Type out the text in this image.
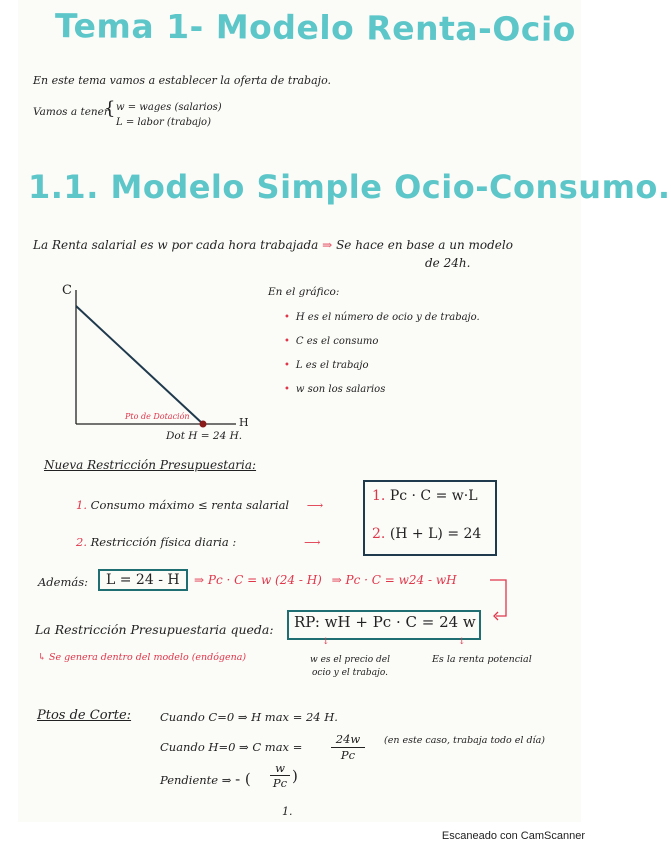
Tema 1- Modelo Renta-Ocio
En este tema vamos a establecer la oferta de trabajo.
Vamos a tener
{ w = wages (salarios)
L = labor (trabajo)
1.1. Modelo Simple Ocio-Consumo.
La Renta salarial es w por cada hora trabajada ⇒ Se hace en base a un modelo
de 24h.
C
H
Pto de Dotación
Dot H = 24 H.
En el gráfico:
• H es el número de ocio y de trabajo.
• C es el consumo
• L es el trabajo
• w son los salarios
Nueva Restricción Presupuestaria:
1. Consumo máximo ≤ renta salarial ⟶
2. Restricción física diaria :	⟶
1. Pc · C = w·L
2. (H + L) = 24
Además:	L = 24 - H	⇒ Pc · C = w (24 - H) ⇒ Pc · C = w24 - wH
La Restricción Presupuestaria queda: RP: wH + Pc · C = 24 w
↳ Se genera dentro del modelo (endógena)
↓
w es el precio del ocio y el trabajo.
↓
Es la renta potencial
Ptos de Corte:	Cuando C=0 ⇒ H max = 24 H.
Cuando H=0 ⇒ C max =
24w
Pc
(en este caso, trabaja todo el día)
Pendiente ⇒ - (
w
Pc )
1.
Escaneado con CamScanner
